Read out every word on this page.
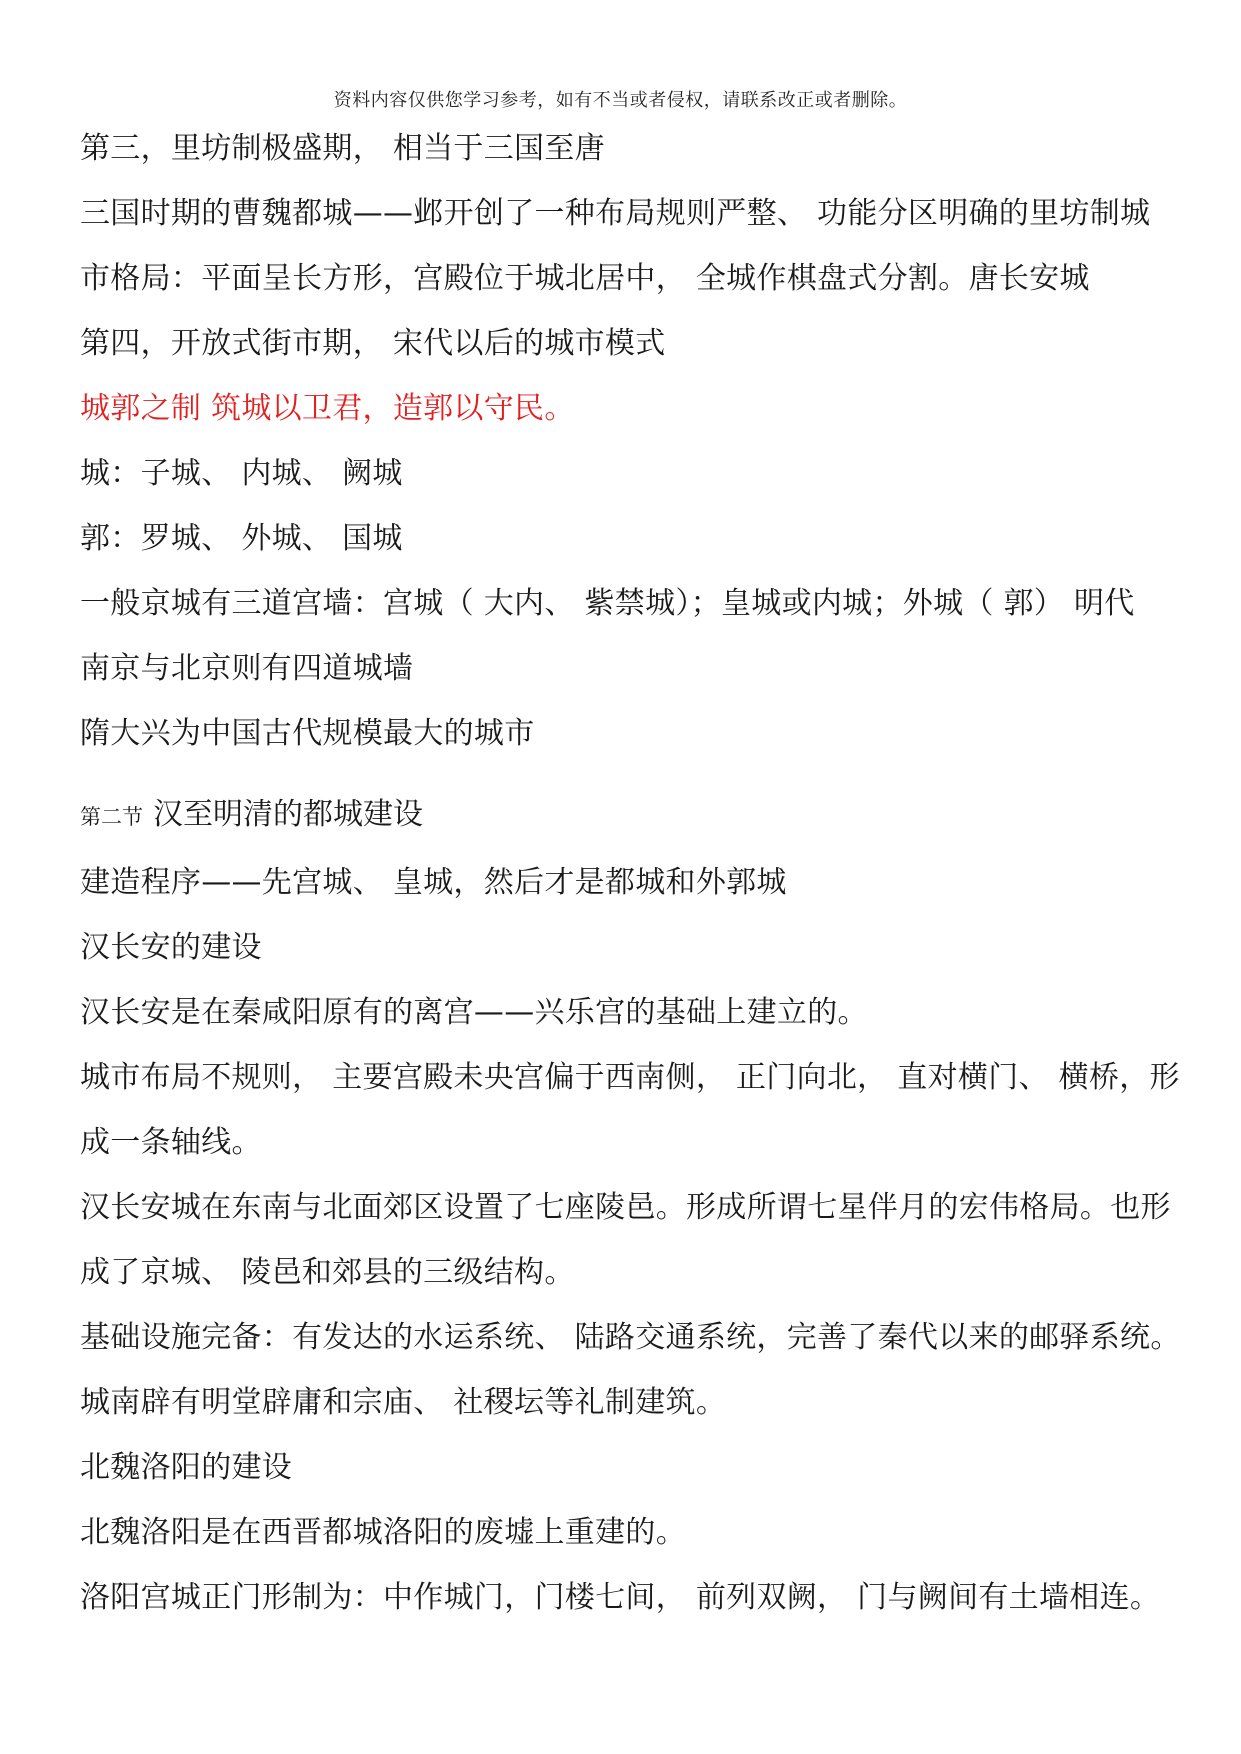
资料内容仅供您学习参考，如有不当或者侵权，请联系改正或者删除。
第三，里坊制极盛期， 相当于三国至唐
三国时期的曹魏都城——邺开创了一种布局规则严整、 功能分区明确的里坊制城
市格局：平面呈长方形，宫殿位于城北居中， 全城作棋盘式分割。唐长安城
第四，开放式街市期， 宋代以后的城市模式
城郭之制 筑城以卫君，造郭以守民。
城：子城、 内城、 阙城
郭：罗城、 外城、 国城
一般京城有三道宫墙：宫城（ 大内、 紫禁城）；皇城或内城；外城（ 郭） 明代
南京与北京则有四道城墙
隋大兴为中国古代规模最大的城市
第二节 汉至明清的都城建设
建造程序——先宫城、 皇城，然后才是都城和外郭城
汉长安的建设
汉长安是在秦咸阳原有的离宫——兴乐宫的基础上建立的。
城市布局不规则， 主要宫殿未央宫偏于西南侧， 正门向北， 直对横门、 横桥，形
成一条轴线。
汉长安城在东南与北面郊区设置了七座陵邑。形成所谓七星伴月的宏伟格局。也形
成了京城、 陵邑和郊县的三级结构。
基础设施完备：有发达的水运系统、 陆路交通系统，完善了秦代以来的邮驿系统。
城南辟有明堂辟庸和宗庙、 社稷坛等礼制建筑。
北魏洛阳的建设
北魏洛阳是在西晋都城洛阳的废墟上重建的。
洛阳宫城正门形制为：中作城门，门楼七间， 前列双阙， 门与阙间有土墙相连。
